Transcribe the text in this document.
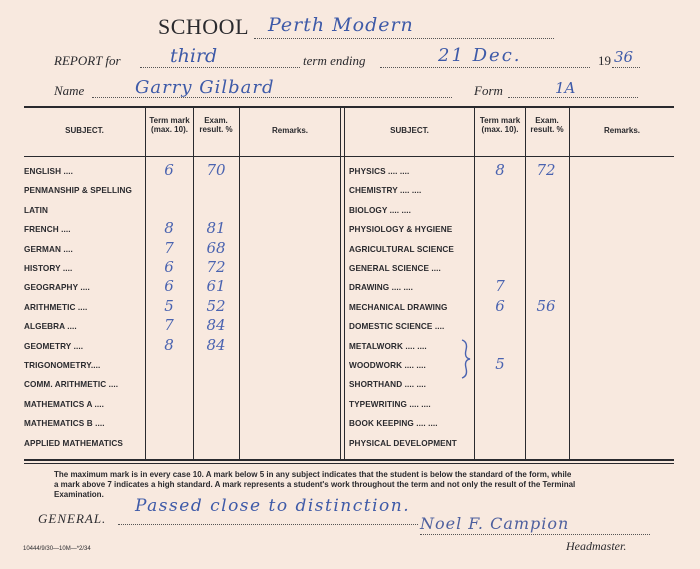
SCHOOL Perth Modern
REPORT for	third	term ending	21 Dec.	19 36
Name	Garry Gilbard	Form	1A
SUBJECT.
Term mark (max. 10).
Exam. result. %	Remarks.	SUBJECT.
Term mark (max. 10).
Exam. result. %	Remarks.
ENGLISH ....	6	70
PENMANSHIP & SPELLING
LATIN
FRENCH ....	8	81
GERMAN ....	7	68
HISTORY ....	6	72
GEOGRAPHY ....	6	61
ARITHMETIC ....	5	52
ALGEBRA ....	7	84
GEOMETRY ....	8	84
TRIGONOMETRY....
COMM. ARITHMETIC ....
MATHEMATICS A ....
MATHEMATICS B ....
APPLIED MATHEMATICS
PHYSICS .... ....	8	72
CHEMISTRY .... ....
BIOLOGY .... ....
PHYSIOLOGY & HYGIENE
AGRICULTURAL SCIENCE
GENERAL SCIENCE ....
DRAWING .... ....	7
MECHANICAL DRAWING	6	56
DOMESTIC SCIENCE ....
METALWORK .... ....
WOODWORK .... ....	5
SHORTHAND .... ....
TYPEWRITING .... ....
BOOK KEEPING .... ....
PHYSICAL DEVELOPMENT
The maximum mark is in every case 10. A mark below 5 in any subject indicates that the student is below the standard of the form, while
a mark above 7 indicates a high standard. A mark represents a student's work throughout the term and not only the result of the Terminal
Examination.
GENERAL.
Passed close to distinction.
Noel F. Campion
Headmaster.
10444/9/30—10M—*2/34
